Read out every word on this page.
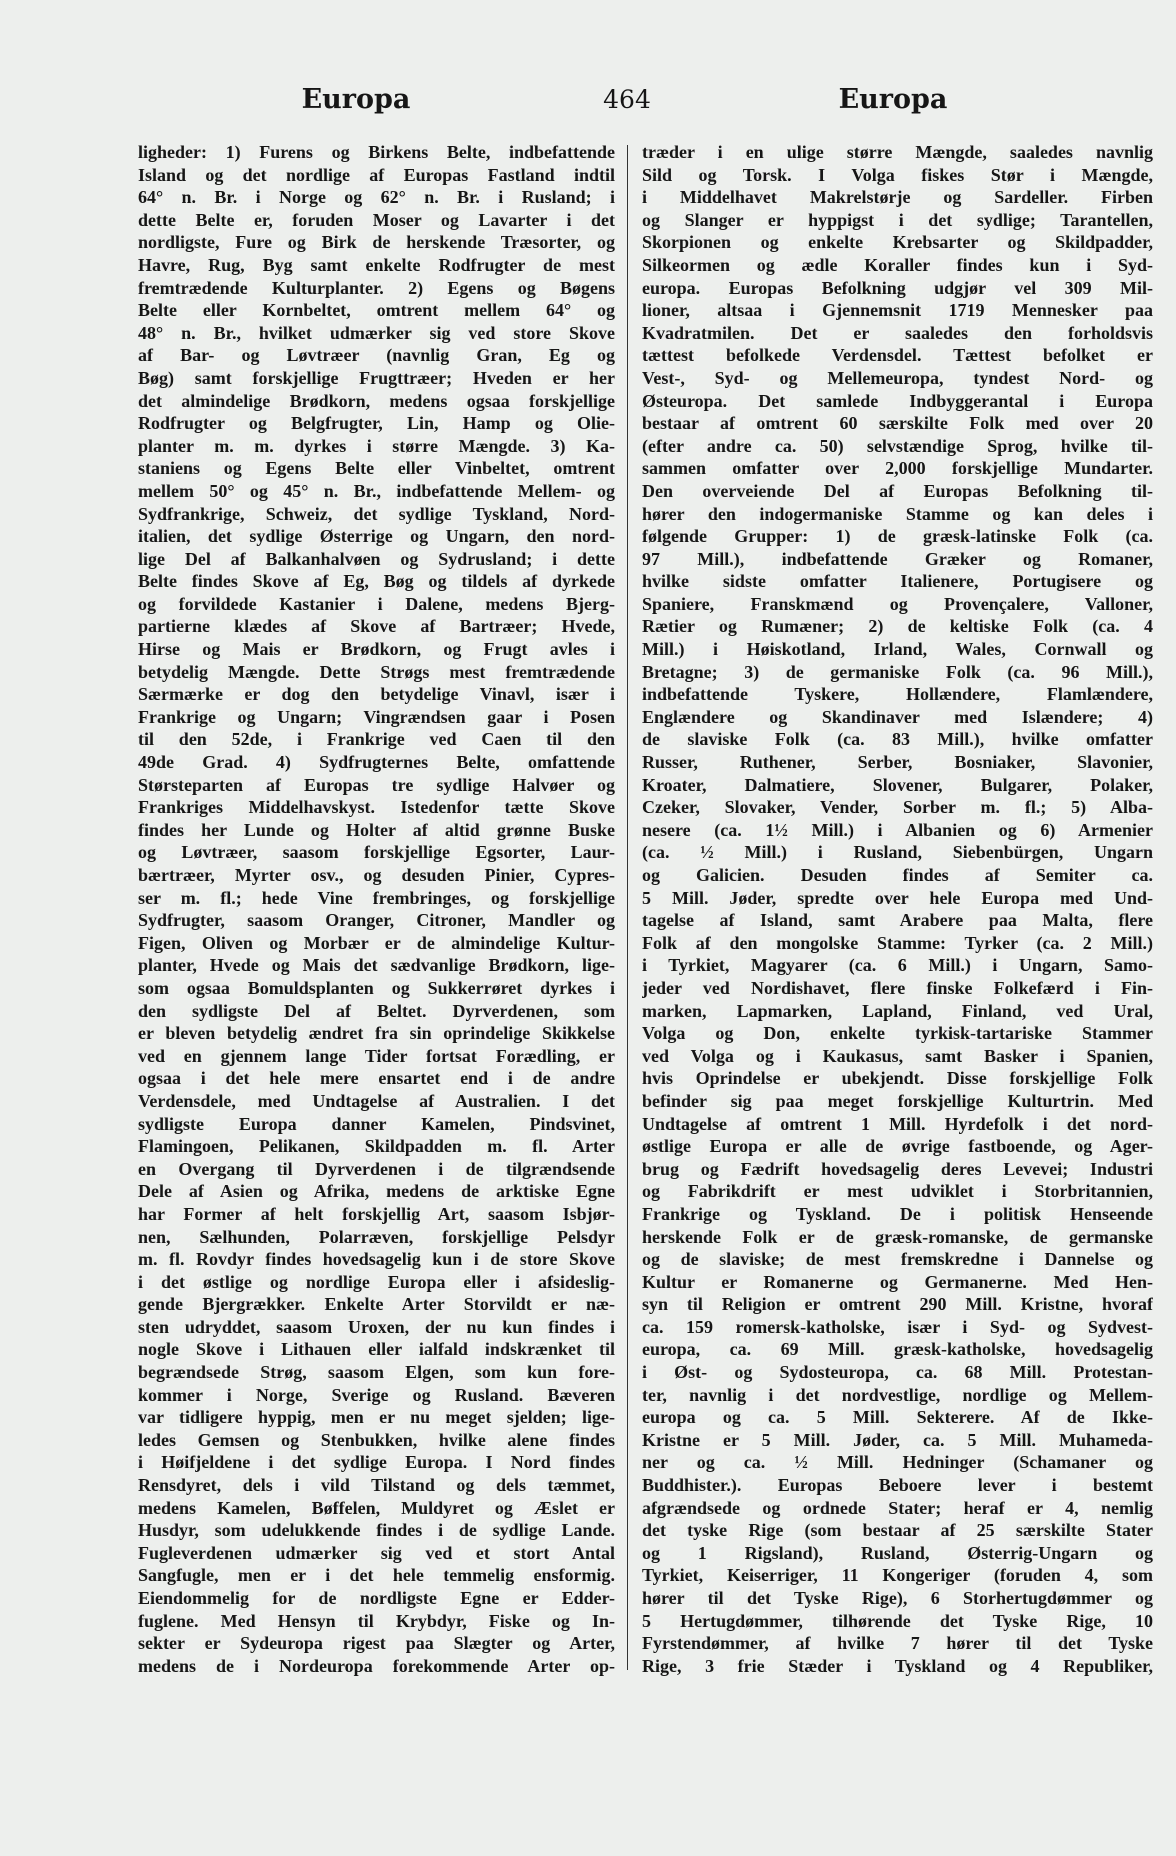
Europa	464	Europa
ligheder: 1) Furens og Birkens Belte, indbefattende
Island og det nordlige af Europas Fastland indtil
64° n. Br. i Norge og 62° n. Br. i Rusland; i
dette Belte er, foruden Moser og Lavarter i det
nordligste, Fure og Birk de herskende Træsorter, og
Havre, Rug, Byg samt enkelte Rodfrugter de mest
fremtrædende Kulturplanter. 2) Egens og Bøgens
Belte eller Kornbeltet, omtrent mellem 64° og
48° n. Br., hvilket udmærker sig ved store Skove
af Bar- og Løvtræer (navnlig Gran, Eg og
Bøg) samt forskjellige Frugttræer; Hveden er her
det almindelige Brødkorn, medens ogsaa forskjellige
Rodfrugter og Belgfrugter, Lin, Hamp og Olie-
planter m. m. dyrkes i større Mængde. 3) Ka-
staniens og Egens Belte eller Vinbeltet, omtrent
mellem 50° og 45° n. Br., indbefattende Mellem- og
Sydfrankrige, Schweiz, det sydlige Tyskland, Nord-
italien, det sydlige Østerrige og Ungarn, den nord-
lige Del af Balkanhalvøen og Sydrusland; i dette
Belte findes Skove af Eg, Bøg og tildels af dyrkede
og forvildede Kastanier i Dalene, medens Bjerg-
partierne klædes af Skove af Bartræer; Hvede,
Hirse og Mais er Brødkorn, og Frugt avles i
betydelig Mængde. Dette Strøgs mest fremtrædende
Særmærke er dog den betydelige Vinavl, især i
Frankrige og Ungarn; Vingrændsen gaar i Posen
til den 52de, i Frankrige ved Caen til den
49de Grad. 4) Sydfrugternes Belte, omfattende
Størsteparten af Europas tre sydlige Halvøer og
Frankriges Middelhavskyst. Istedenfor tætte Skove
findes her Lunde og Holter af altid grønne Buske
og Løvtræer, saasom forskjellige Egsorter, Laur-
bærtræer, Myrter osv., og desuden Pinier, Cypres-
ser m. fl.; hede Vine frembringes, og forskjellige
Sydfrugter, saasom Oranger, Citroner, Mandler og
Figen, Oliven og Morbær er de almindelige Kultur-
planter, Hvede og Mais det sædvanlige Brødkorn, lige-
som ogsaa Bomuldsplanten og Sukkerrøret dyrkes i
den sydligste Del af Beltet. Dyrverdenen, som
er bleven betydelig ændret fra sin oprindelige Skikkelse
ved en gjennem lange Tider fortsat Forædling, er
ogsaa i det hele mere ensartet end i de andre
Verdensdele, med Undtagelse af Australien. I det
sydligste Europa danner Kamelen, Pindsvinet,
Flamingoen, Pelikanen, Skildpadden m. fl. Arter
en Overgang til Dyrverdenen i de tilgrændsende
Dele af Asien og Afrika, medens de arktiske Egne
har Former af helt forskjellig Art, saasom Isbjør-
nen, Sælhunden, Polarræven, forskjellige Pelsdyr
m. fl. Rovdyr findes hovedsagelig kun i de store Skove
i det østlige og nordlige Europa eller i afsideslig-
gende Bjergrækker. Enkelte Arter Storvildt er næ-
sten udryddet, saasom Uroxen, der nu kun findes i
nogle Skove i Lithauen eller ialfald indskrænket til
begrændsede Strøg, saasom Elgen, som kun fore-
kommer i Norge, Sverige og Rusland. Bæveren
var tidligere hyppig, men er nu meget sjelden; lige-
ledes Gemsen og Stenbukken, hvilke alene findes
i Høifjeldene i det sydlige Europa. I Nord findes
Rensdyret, dels i vild Tilstand og dels tæmmet,
medens Kamelen, Bøffelen, Muldyret og Æslet er
Husdyr, som udelukkende findes i de sydlige Lande.
Fugleverdenen udmærker sig ved et stort Antal
Sangfugle, men er i det hele temmelig ensformig.
Eiendommelig for de nordligste Egne er Edder-
fuglene. Med Hensyn til Krybdyr, Fiske og In-
sekter er Sydeuropa rigest paa Slægter og Arter,
medens de i Nordeuropa forekommende Arter op-
træder i en ulige større Mængde, saaledes navnlig
Sild og Torsk. I Volga fiskes Stør i Mængde,
i Middelhavet Makrelstørje og Sardeller. Firben
og Slanger er hyppigst i det sydlige; Tarantellen,
Skorpionen og enkelte Krebsarter og Skildpadder,
Silkeormen og ædle Koraller findes kun i Syd-
europa. Europas Befolkning udgjør vel 309 Mil-
lioner, altsaa i Gjennemsnit 1719 Mennesker paa
Kvadratmilen. Det er saaledes den forholdsvis
tættest befolkede Verdensdel. Tættest befolket er
Vest-, Syd- og Mellemeuropa, tyndest Nord- og
Østeuropa. Det samlede Indbyggerantal i Europa
bestaar af omtrent 60 særskilte Folk med over 20
(efter andre ca. 50) selvstændige Sprog, hvilke til-
sammen omfatter over 2,000 forskjellige Mundarter.
Den overveiende Del af Europas Befolkning til-
hører den indogermaniske Stamme og kan deles i
følgende Grupper: 1) de græsk-latinske Folk (ca.
97 Mill.), indbefattende Græker og Romaner,
hvilke sidste omfatter Italienere, Portugisere og
Spaniere, Franskmænd og Provençalere, Valloner,
Rætier og Rumæner; 2) de keltiske Folk (ca. 4
Mill.) i Høiskotland, Irland, Wales, Cornwall og
Bretagne; 3) de germaniske Folk (ca. 96 Mill.),
indbefattende Tyskere, Hollændere, Flamlændere,
Englændere og Skandinaver med Islændere; 4)
de slaviske Folk (ca. 83 Mill.), hvilke omfatter
Russer, Ruthener, Serber, Bosniaker, Slavonier,
Kroater, Dalmatiere, Slovener, Bulgarer, Polaker,
Czeker, Slovaker, Vender, Sorber m. fl.; 5) Alba-
nesere (ca. 1½ Mill.) i Albanien og 6) Armenier
(ca. ½ Mill.) i Rusland, Siebenbürgen, Ungarn
og Galicien. Desuden findes af Semiter ca.
5 Mill. Jøder, spredte over hele Europa med Und-
tagelse af Island, samt Arabere paa Malta, flere
Folk af den mongolske Stamme: Tyrker (ca. 2 Mill.)
i Tyrkiet, Magyarer (ca. 6 Mill.) i Ungarn, Samo-
jeder ved Nordishavet, flere finske Folkefærd i Fin-
marken, Lapmarken, Lapland, Finland, ved Ural,
Volga og Don, enkelte tyrkisk-tartariske Stammer
ved Volga og i Kaukasus, samt Basker i Spanien,
hvis Oprindelse er ubekjendt. Disse forskjellige Folk
befinder sig paa meget forskjellige Kulturtrin. Med
Undtagelse af omtrent 1 Mill. Hyrdefolk i det nord-
østlige Europa er alle de øvrige fastboende, og Ager-
brug og Fædrift hovedsagelig deres Levevei; Industri
og Fabrikdrift er mest udviklet i Storbritannien,
Frankrige og Tyskland. De i politisk Henseende
herskende Folk er de græsk-romanske, de germanske
og de slaviske; de mest fremskredne i Dannelse og
Kultur er Romanerne og Germanerne. Med Hen-
syn til Religion er omtrent 290 Mill. Kristne, hvoraf
ca. 159 romersk-katholske, især i Syd- og Sydvest-
europa, ca. 69 Mill. græsk-katholske, hovedsagelig
i Øst- og Sydosteuropa, ca. 68 Mill. Protestan-
ter, navnlig i det nordvestlige, nordlige og Mellem-
europa og ca. 5 Mill. Sekterere. Af de Ikke-
Kristne er 5 Mill. Jøder, ca. 5 Mill. Muhameda-
ner og ca. ½ Mill. Hedninger (Schamaner og
Buddhister.). Europas Beboere lever i bestemt
afgrændsede og ordnede Stater; heraf er 4, nemlig
det tyske Rige (som bestaar af 25 særskilte Stater
og 1 Rigsland), Rusland, Østerrig-Ungarn og
Tyrkiet, Keiserriger, 11 Kongeriger (foruden 4, som
hører til det Tyske Rige), 6 Storhertugdømmer og
5 Hertugdømmer, tilhørende det Tyske Rige, 10
Fyrstendømmer, af hvilke 7 hører til det Tyske
Rige, 3 frie Stæder i Tyskland og 4 Republiker,
